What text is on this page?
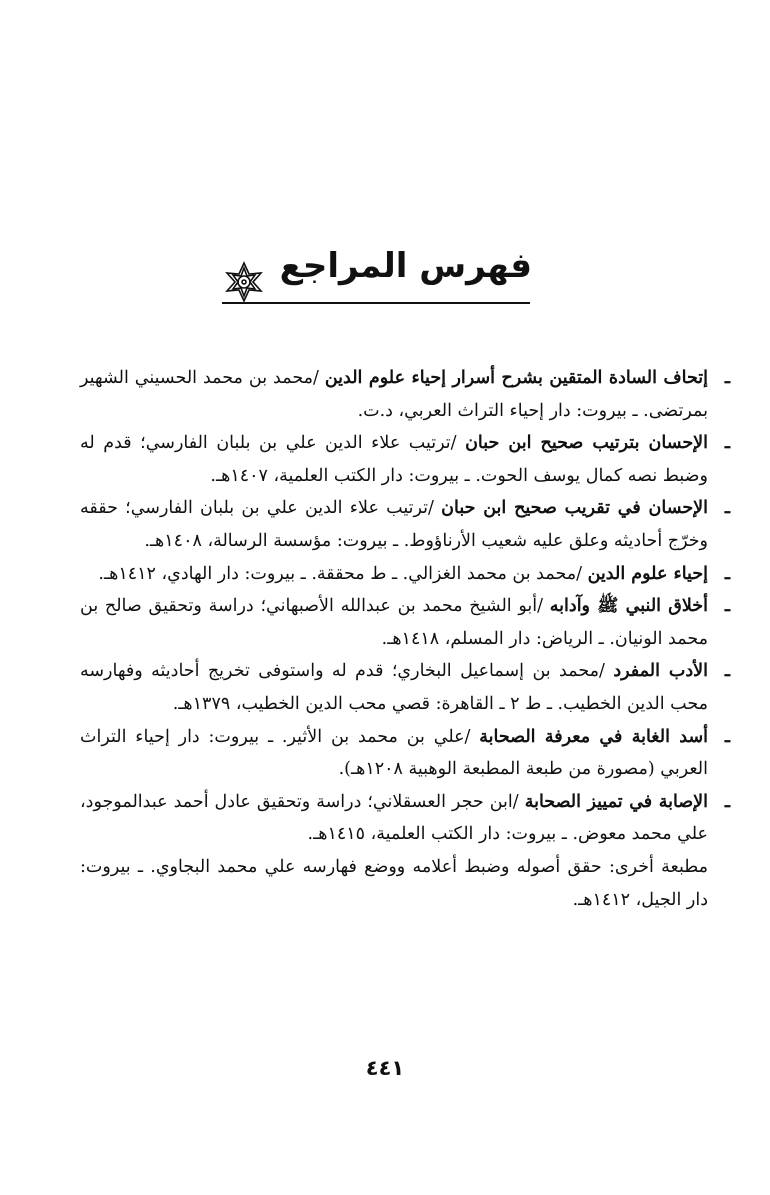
فهرس المراجع
ـ
إتحاف السادة المتقين بشرح أسرار إحياء علوم الدين /محمد بن محمد الحسيني الشهير بمرتضى. ـ بيروت: دار إحياء التراث العربي، د.ت.
ـ
الإحسان بترتيب صحيح ابن حبان /ترتيب علاء الدين علي بن بلبان الفارسي؛ قدم له وضبط نصه كمال يوسف الحوت. ـ بيروت: دار الكتب العلمية، ١٤٠٧هـ.
ـ
الإحسان في تقريب صحيح ابن حبان /ترتيب علاء الدين علي بن بلبان الفارسي؛ حققه وخرّج أحاديثه وعلق عليه شعيب الأرناؤوط. ـ بيروت: مؤسسة الرسالة، ١٤٠٨هـ.
ـ
إحياء علوم الدين /محمد بن محمد الغزالي. ـ ط محققة. ـ بيروت: دار الهادي، ١٤١٢هـ.
ـ
أخلاق النبي ﷺ وآدابه /أبو الشيخ محمد بن عبدالله الأصبهاني؛ دراسة وتحقيق صالح بن محمد الونيان. ـ الرياض: دار المسلم، ١٤١٨هـ.
ـ
الأدب المفرد /محمد بن إسماعيل البخاري؛ قدم له واستوفى تخريج أحاديثه وفهارسه محب الدين الخطيب. ـ ط ٢ ـ القاهرة: قصي محب الدين الخطيب، ١٣٧٩هـ.
ـ
أسد الغابة في معرفة الصحابة /علي بن محمد بن الأثير. ـ بيروت: دار إحياء التراث العربي (مصورة من طبعة المطبعة الوهبية ١٢٠٨هـ).
ـ
الإصابة في تمييز الصحابة /ابن حجر العسقلاني؛ دراسة وتحقيق عادل أحمد عبدالموجود، علي محمد معوض. ـ بيروت: دار الكتب العلمية، ١٤١٥هـ.
مطبعة أخرى: حقق أصوله وضبط أعلامه ووضع فهارسه علي محمد البجاوي. ـ بيروت: دار الجيل، ١٤١٢هـ.
٤٤١
